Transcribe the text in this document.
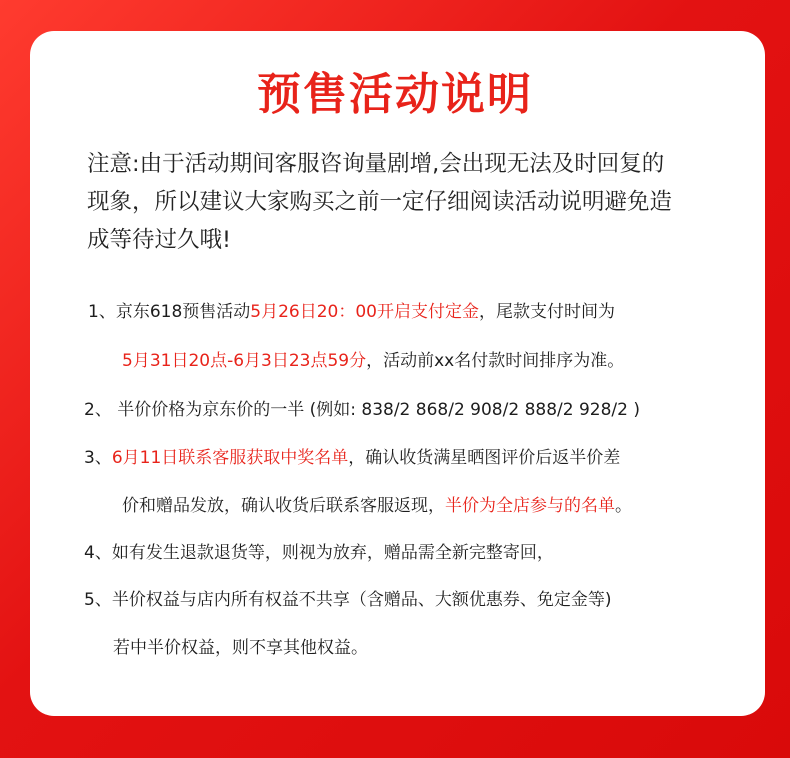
预售活动说明
注意:由于活动期间客服咨询量剧增,会出现无法及时回复的
现象，所以建议大家购买之前一定仔细阅读活动说明避免造
成等待过久哦!
1、京东618预售活动5月26日20：00开启支付定金，尾款支付时间为
5月31日20点-6月3日23点59分，活动前xx名付款时间排序为准。
2、 半价价格为京东价的一半 (例如: 838/2 868/2 908/2 888/2 928/2 )
3、6月11日联系客服获取中奖名单，确认收货满星晒图评价后返半价差
价和赠品发放，确认收货后联系客服返现，半价为全店参与的名单。
4、如有发生退款退货等，则视为放弃，赠品需全新完整寄回，
5、半价权益与店内所有权益不共享（含赠品、大额优惠券、免定金等)
若中半价权益，则不享其他权益。
